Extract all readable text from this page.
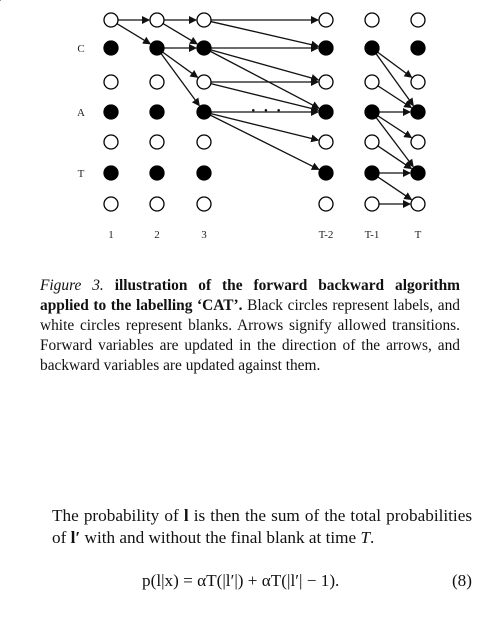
C
A
T
1	2	3	T-2	T-1	T
· · ·
Figure 3. illustration of the forward backward algorithm applied to the labelling ‘CAT’. Black circles represent labels, and white circles represent blanks. Arrows signify allowed transitions. Forward variables are updated in the direction of the arrows, and backward variables are updated against them.
The probability of l is then the sum of the total probabilities of l′ with and without the final blank at time T.
p(l|x) = αT(|l′|) + αT(|l′| − 1).	(8)
